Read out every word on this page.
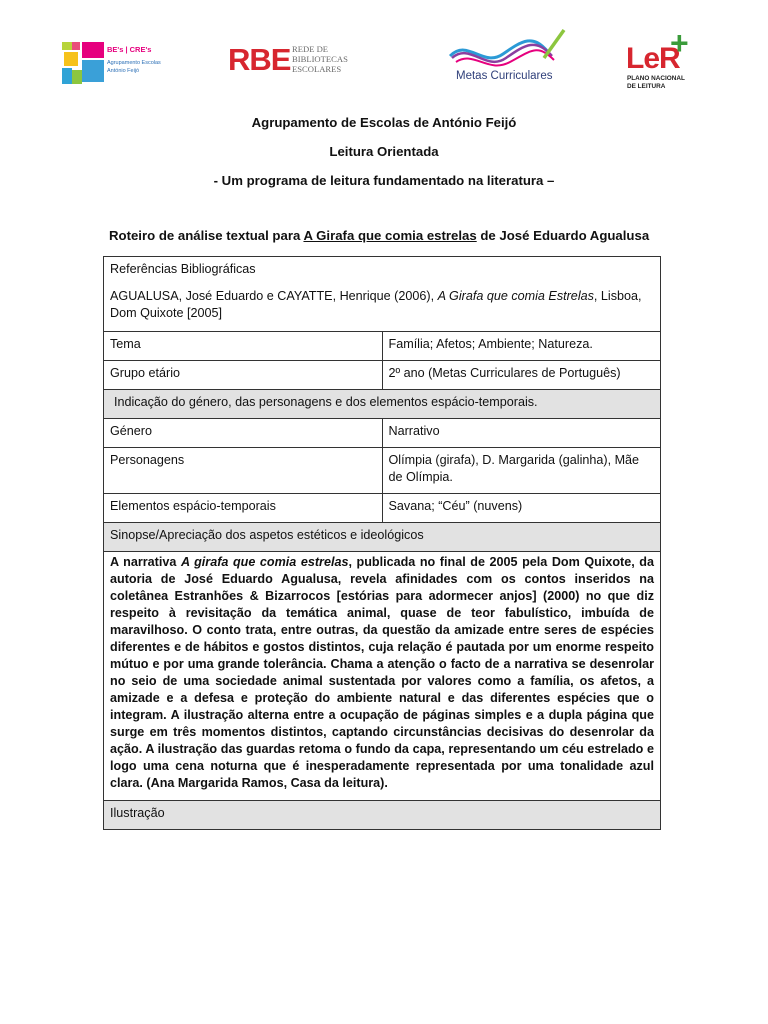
BE's | CRE's
Agrupamento Escolas
António Feijó	RBE REDE DE
BIBLIOTECAS
ESCOLARES
Metas Curriculares
LeR
+
PLANO NACIONAL
DE LEITURA
Agrupamento de Escolas de António Feijó
Leitura Orientada
- Um programa de leitura fundamentado na literatura –
Roteiro de análise textual para A Girafa que comia estrelas de José Eduardo Agualusa
Referências Bibliográficas
AGUALUSA, José Eduardo e CAYATTE, Henrique (2006), A Girafa que comia Estrelas, Lisboa, Dom Quixote [2005]	

Tema	Família; Afetos; Ambiente; Natureza.
Grupo etário	2º ano (Metas Curriculares de Português)
Indicação do género, das personagens e dos elementos espácio-temporais.	
Género	Narrativo
Personagens	Olímpia (girafa), D. Margarida (galinha), Mãe de Olímpia.
Elementos espácio-temporais	Savana; “Céu” (nuvens)
Sinopse/Apreciação dos aspetos estéticos e ideológicos	
A narrativa A girafa que comia estrelas, publicada no final de 2005 pela Dom Quixote, da autoria de José Eduardo Agualusa, revela afinidades com os contos inseridos na coletânea Estranhões & Bizarrocos [estórias para adormecer anjos] (2000) no que diz respeito à revisitação da temática animal, quase de teor fabulístico, imbuída de maravilhoso. O conto trata, entre outras, da questão da amizade entre seres de espécies diferentes e de hábitos e gostos distintos, cuja relação é pautada por um enorme respeito mútuo e por uma grande tolerância. Chama a atenção o facto de a narrativa se desenrolar no seio de uma sociedade animal sustentada por valores como a família, os afetos, a amizade e a defesa e proteção do ambiente natural e das diferentes espécies que o integram. A ilustração alterna entre a ocupação de páginas simples e a dupla página que surge em três momentos distintos, captando circunstâncias decisivas do desenrolar da ação. A ilustração das guardas retoma o fundo da capa, representando um céu estrelado e logo uma cena noturna que é inesperadamente representada por uma tonalidade azul clara. (Ana Margarida Ramos, Casa da leitura).	
Ilustração	
